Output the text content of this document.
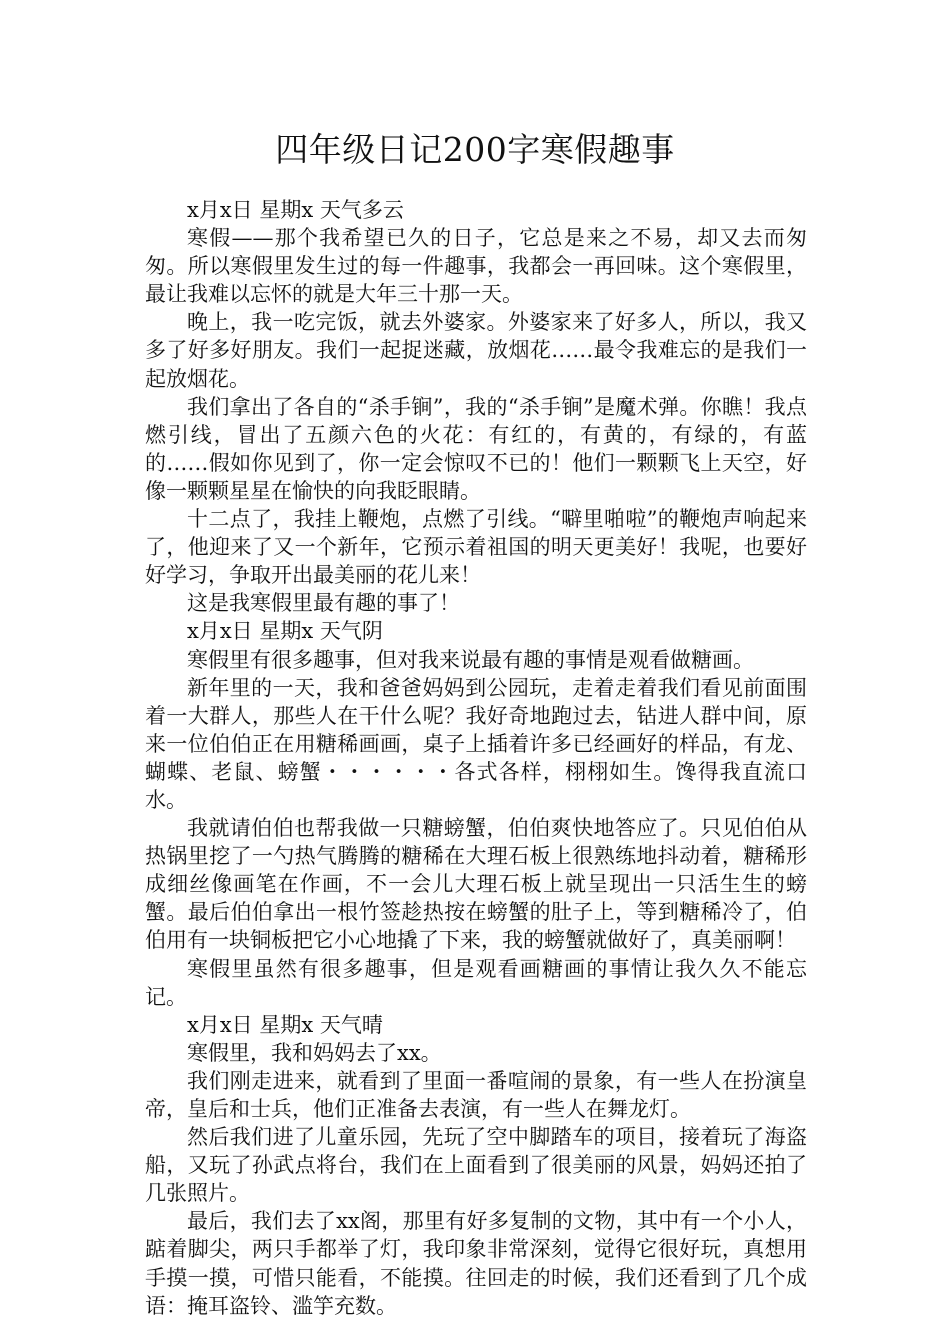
四年级日记200字寒假趣事

x月x日 星期x 天气多云

寒假——那个我希望已久的日子，它总是来之不易，却又去而匆匆。所以寒假里发生过的每一件趣事，我都会一再回味。这个寒假里，最让我难以忘怀的就是大年三十那一天。

晚上，我一吃完饭，就去外婆家。外婆家来了好多人，所以，我又多了好多好朋友。我们一起捉迷藏，放烟花……最令我难忘的是我们一起放烟花。

我们拿出了各自的“杀手锏”，我的“杀手锏”是魔术弹。你瞧！我点燃引线，冒出了五颜六色的火花：有红的，有黄的，有绿的，有蓝的……假如你见到了，你一定会惊叹不已的！他们一颗颗飞上天空，好像一颗颗星星在愉快的向我眨眼睛。

十二点了，我挂上鞭炮，点燃了引线。“噼里啪啦”的鞭炮声响起来了，他迎来了又一个新年，它预示着祖国的明天更美好！我呢，也要好好学习，争取开出最美丽的花儿来！

这是我寒假里最有趣的事了！

x月x日 星期x 天气阴

寒假里有很多趣事，但对我来说最有趣的事情是观看做糖画。

新年里的一天，我和爸爸妈妈到公园玩，走着走着我们看见前面围着一大群人，那些人在干什么呢？我好奇地跑过去，钻进人群中间，原来一位伯伯正在用糖稀画画，桌子上插着许多已经画好的样品，有龙、蝴蝶、老鼠、螃蟹・・・・・・各式各样，栩栩如生。馋得我直流口水。

我就请伯伯也帮我做一只糖螃蟹，伯伯爽快地答应了。只见伯伯从热锅里挖了一勺热气腾腾的糖稀在大理石板上很熟练地抖动着，糖稀形成细丝像画笔在作画，不一会儿大理石板上就呈现出一只活生生的螃蟹。最后伯伯拿出一根竹签趁热按在螃蟹的肚子上，等到糖稀冷了，伯伯用有一块铜板把它小心地撬了下来，我的螃蟹就做好了，真美丽啊！

寒假里虽然有很多趣事，但是观看画糖画的事情让我久久不能忘记。

x月x日 星期x 天气晴

寒假里，我和妈妈去了xx。

我们刚走进来，就看到了里面一番喧闹的景象，有一些人在扮演皇帝，皇后和士兵，他们正准备去表演，有一些人在舞龙灯。

然后我们进了儿童乐园，先玩了空中脚踏车的项目，接着玩了海盗船，又玩了孙武点将台，我们在上面看到了很美丽的风景，妈妈还拍了几张照片。

最后，我们去了xx阁，那里有好多复制的文物，其中有一个小人，踮着脚尖，两只手都举了灯，我印象非常深刻，觉得它很好玩，真想用手摸一摸，可惜只能看，不能摸。往回走的时候，我们还看到了几个成语：掩耳盗铃、滥竽充数。
